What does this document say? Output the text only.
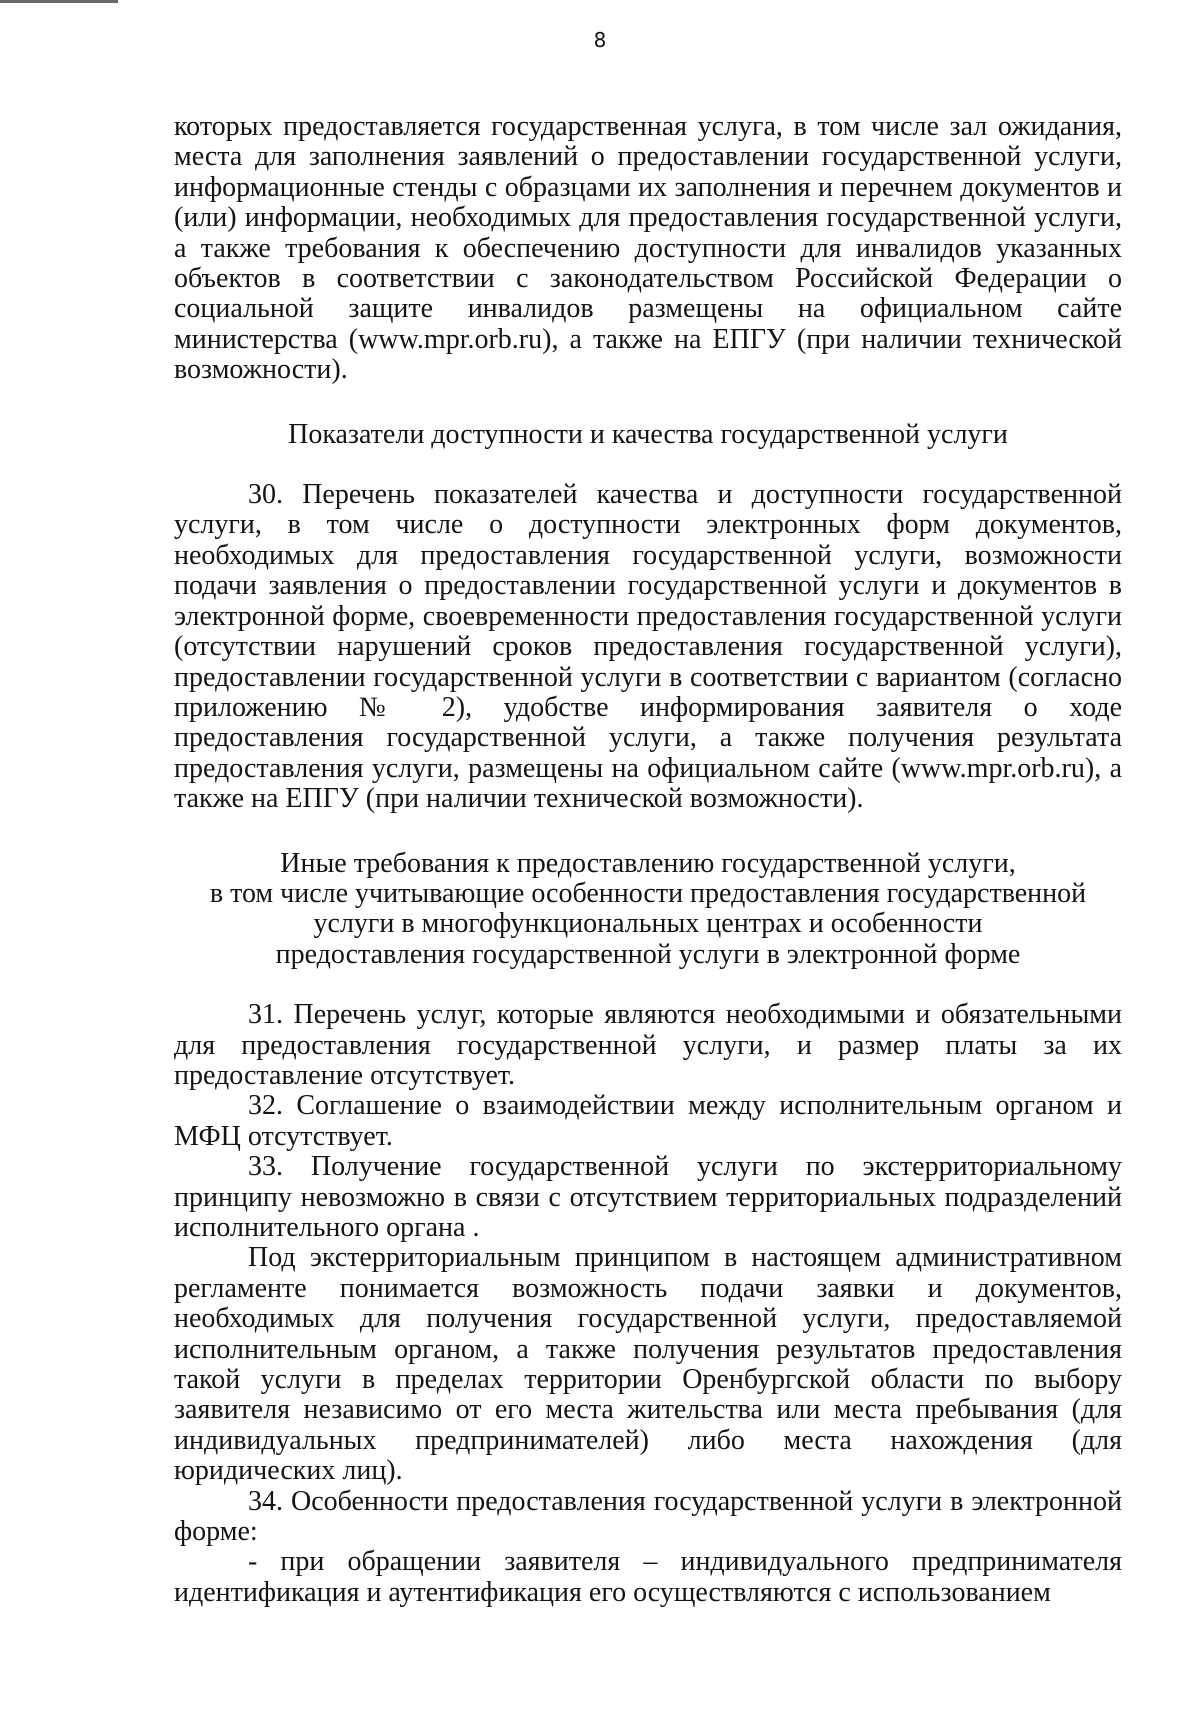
8

которых предоставляется государственная услуга, в том числе зал ожидания, места для заполнения заявлений о предоставлении государственной услуги, информационные стенды с образцами их заполнения и перечнем документов и (или) информации, необходимых для предоставления государственной услуги, а также требования к обеспечению доступности для инвалидов указанных объектов в соответствии с законодательством Российской Федерации о социальной защите инвалидов размещены на официальном сайте министерства (www.mpr.orb.ru), а также на ЕПГУ (при наличии технической возможности).

Показатели доступности и качества государственной услуги

30. Перечень показателей качества и доступности государственной услуги, в том числе о доступности электронных форм документов, необходимых для предоставления государственной услуги, возможности подачи заявления о предоставлении государственной услуги и документов в электронной форме, своевременности предоставления государственной услуги (отсутствии нарушений сроков предоставления государственной услуги), предоставлении государственной услуги в соответствии с вариантом (согласно приложению № 2), удобстве информирования заявителя о ходе предоставления государственной услуги, а также получения результата предоставления услуги, размещены на официальном сайте (www.mpr.orb.ru), а также на ЕПГУ (при наличии технической возможности).

Иные требования к предоставлению государственной услуги,
в том числе учитывающие особенности предоставления государственной
услуги в многофункциональных центрах и особенности
предоставления государственной услуги в электронной форме

31. Перечень услуг, которые являются необходимыми и обязательными для предоставления государственной услуги, и размер платы за их предоставление отсутствует.

32. Соглашение о взаимодействии между исполнительным органом и МФЦ отсутствует.

33. Получение государственной услуги по экстерриториальному принципу невозможно в связи с отсутствием территориальных подразделений исполнительного органа .

Под экстерриториальным принципом в настоящем административном регламенте понимается возможность подачи заявки и документов, необходимых для получения государственной услуги, предоставляемой исполнительным органом, а также получения результатов предоставления такой услуги в пределах территории Оренбургской области по выбору заявителя независимо от его места жительства или места пребывания (для индивидуальных предпринимателей) либо места нахождения (для юридических лиц).

34. Особенности предоставления государственной услуги в электронной форме:

- при обращении заявителя – индивидуального предпринимателя идентификация и аутентификация его осуществляются с использованием
